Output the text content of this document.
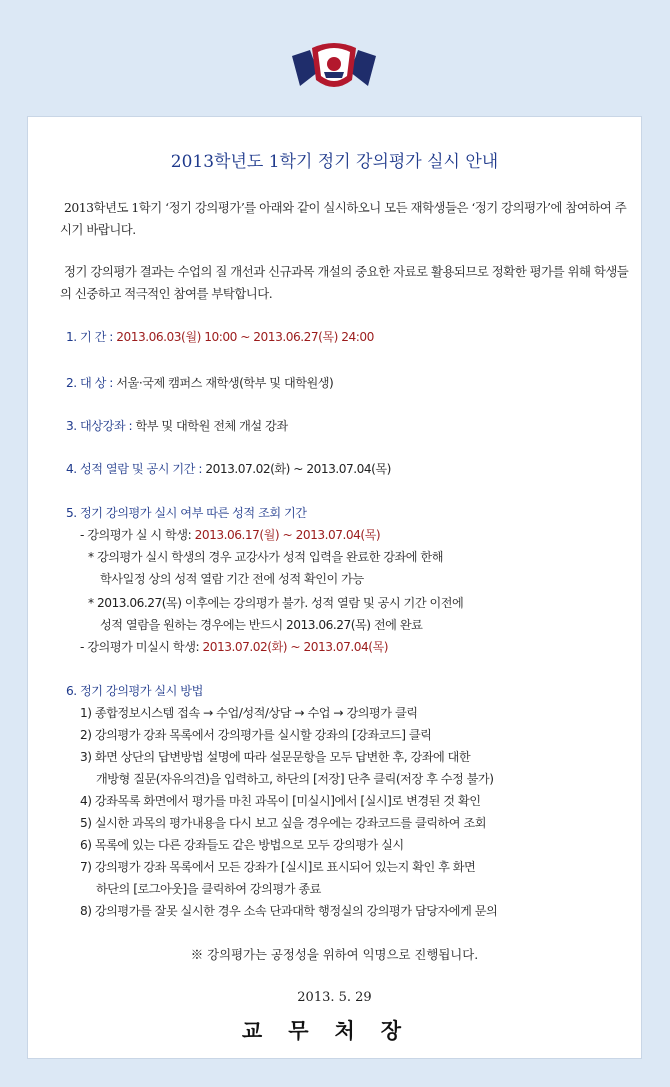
2013학년도 1학기 정기 강의평가 실시 안내
2013학년도 1학기 ‘정기 강의평가’를 아래와 같이 실시하오니 모든 재학생들은 ‘정기 강의평가’에 참여하여 주시기 바랍니다.
정기 강의평가 결과는 수업의 질 개선과 신규과목 개설의 중요한 자료로 활용되므로 정확한 평가를 위해 학생들의 신중하고 적극적인 참여를 부탁합니다.
1. 기 간 : 2013.06.03(월) 10:00 ~ 2013.06.27(목) 24:00
2. 대 상 : 서울·국제 캠퍼스 재학생(학부 및 대학원생)
3. 대상강좌 : 학부 및 대학원 전체 개설 강좌
4. 성적 열람 및 공시 기간 : 2013.07.02(화) ~ 2013.07.04(목)
5. 정기 강의평가 실시 여부 따른 성적 조회 기간
- 강의평가 실 시 학생: 2013.06.17(월) ~ 2013.07.04(목)
* 강의평가 실시 학생의 경우 교강사가 성적 입력을 완료한 강좌에 한해
학사일정 상의 성적 열람 기간 전에 성적 확인이 가능
* 2013.06.27(목) 이후에는 강의평가 불가. 성적 열람 및 공시 기간 이전에
성적 열람을 원하는 경우에는 반드시 2013.06.27(목) 전에 완료
- 강의평가 미실시 학생: 2013.07.02(화) ~ 2013.07.04(목)
6. 정기 강의평가 실시 방법
1) 종합정보시스템 접속 → 수업/성적/상담 → 수업 → 강의평가 클릭
2) 강의평가 강좌 목록에서 강의평가를 실시할 강좌의 [강좌코드] 클릭
3) 화면 상단의 답변방법 설명에 따라 설문문항을 모두 답변한 후, 강좌에 대한
개방형 질문(자유의견)을 입력하고, 하단의 [저장] 단추 클릭(저장 후 수정 불가)
4) 강좌목록 화면에서 평가를 마친 과목이 [미실시]에서 [실시]로 변경된 것 확인
5) 실시한 과목의 평가내용을 다시 보고 싶을 경우에는 강좌코드를 클릭하여 조회
6) 목록에 있는 다른 강좌들도 같은 방법으로 모두 강의평가 실시
7) 강의평가 강좌 목록에서 모든 강좌가 [실시]로 표시되어 있는지 확인 후 화면
하단의 [로그아웃]을 클릭하여 강의평가 종료
8) 강의평가를 잘못 실시한 경우 소속 단과대학 행정실의 강의평가 담당자에게 문의
※ 강의평가는 공정성을 위하여 익명으로 진행됩니다.
2013. 5. 29
교무처장
